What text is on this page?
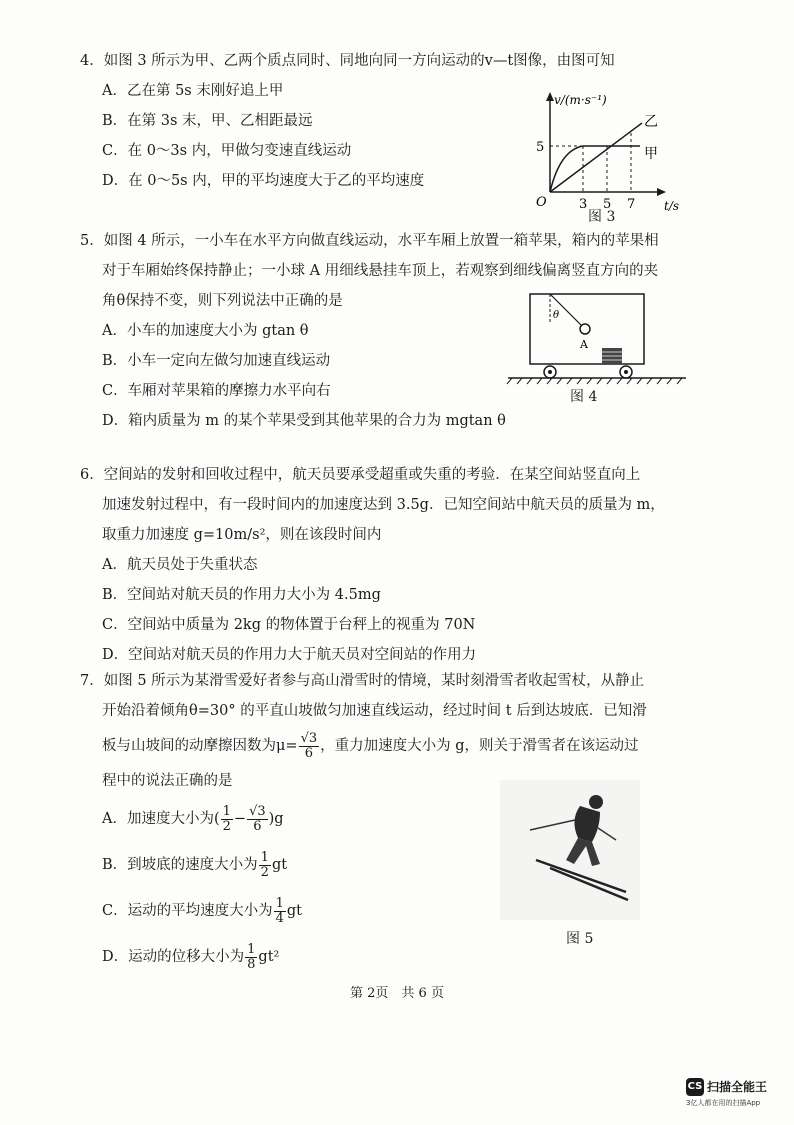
4．如图 3 所示为甲、乙两个质点同时、同地向同一方向运动的v—t图像，由图可知
A．乙在第 5s 末刚好追上甲
B．在第 3s 末，甲、乙相距最远
C．在 0～3s 内，甲做匀变速直线运动
D．在 0～5s 内，甲的平均速度大于乙的平均速度
v/(m·s⁻¹)
t/s
O
5
3 5 7
乙
甲
图 3
5．如图 4 所示，一小车在水平方向做直线运动，水平车厢上放置一箱苹果，箱内的苹果相
对于车厢始终保持静止；一小球 A 用细线悬挂车顶上，若观察到细线偏离竖直方向的夹
角θ保持不变，则下列说法中正确的是
A．小车的加速度大小为 gtan θ
B．小车一定向左做匀加速直线运动
C．车厢对苹果箱的摩擦力水平向右
D．箱内质量为 m 的某个苹果受到其他苹果的合力为 mgtan θ
θ
A
图 4
6．空间站的发射和回收过程中，航天员要承受超重或失重的考验．在某空间站竖直向上
加速发射过程中，有一段时间内的加速度达到 3.5g．已知空间站中航天员的质量为 m，
取重力加速度 g=10m/s²，则在该段时间内
A．航天员处于失重状态
B．空间站对航天员的作用力大小为 4.5mg
C．空间站中质量为 2kg 的物体置于台秤上的视重为 70N
D．空间站对航天员的作用力大于航天员对空间站的作用力
7．如图 5 所示为某滑雪爱好者参与高山滑雪时的情境，某时刻滑雪者收起雪杖，从静止
开始沿着倾角θ=30° 的平直山坡做匀加速直线运动，经过时间 t 后到达坡底．已知滑
板与山坡间的动摩擦因数为$\mu= \frac{√3}{6}$ ，重力加速度大小为 g，则关于滑雪者在该运动过
程中的说法正确的是
A．加速度大小为( $\frac{1}{2} - \frac{√3}{6} )g$
B．到坡底的速度大小为 $\frac{1}{2}$ gt
C．运动的平均速度大小为 $\frac{1}{4}$ gt
D．运动的位移大小为 $\frac{1}{8} gt^2$
图 5
第 2页　共 6 页
CS 扫描全能王
3亿人都在用的扫描App
